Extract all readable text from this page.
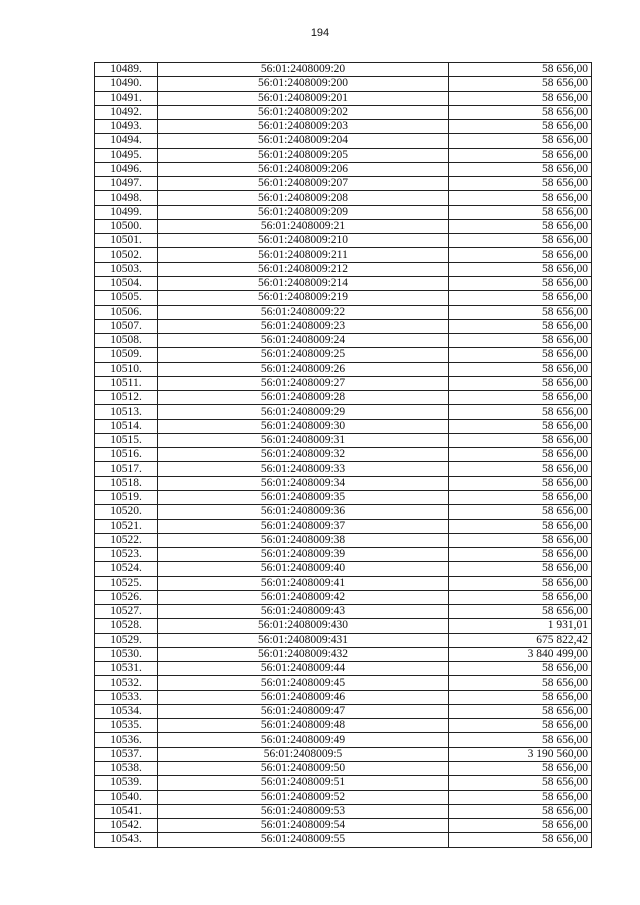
194
10489.	56:01:2408009:20	58 656,00
10490.	56:01:2408009:200	58 656,00
10491.	56:01:2408009:201	58 656,00
10492.	56:01:2408009:202	58 656,00
10493.	56:01:2408009:203	58 656,00
10494.	56:01:2408009:204	58 656,00
10495.	56:01:2408009:205	58 656,00
10496.	56:01:2408009:206	58 656,00
10497.	56:01:2408009:207	58 656,00
10498.	56:01:2408009:208	58 656,00
10499.	56:01:2408009:209	58 656,00
10500.	56:01:2408009:21	58 656,00
10501.	56:01:2408009:210	58 656,00
10502.	56:01:2408009:211	58 656,00
10503.	56:01:2408009:212	58 656,00
10504.	56:01:2408009:214	58 656,00
10505.	56:01:2408009:219	58 656,00
10506.	56:01:2408009:22	58 656,00
10507.	56:01:2408009:23	58 656,00
10508.	56:01:2408009:24	58 656,00
10509.	56:01:2408009:25	58 656,00
10510.	56:01:2408009:26	58 656,00
10511.	56:01:2408009:27	58 656,00
10512.	56:01:2408009:28	58 656,00
10513.	56:01:2408009:29	58 656,00
10514.	56:01:2408009:30	58 656,00
10515.	56:01:2408009:31	58 656,00
10516.	56:01:2408009:32	58 656,00
10517.	56:01:2408009:33	58 656,00
10518.	56:01:2408009:34	58 656,00
10519.	56:01:2408009:35	58 656,00
10520.	56:01:2408009:36	58 656,00
10521.	56:01:2408009:37	58 656,00
10522.	56:01:2408009:38	58 656,00
10523.	56:01:2408009:39	58 656,00
10524.	56:01:2408009:40	58 656,00
10525.	56:01:2408009:41	58 656,00
10526.	56:01:2408009:42	58 656,00
10527.	56:01:2408009:43	58 656,00
10528.	56:01:2408009:430	1 931,01
10529.	56:01:2408009:431	675 822,42
10530.	56:01:2408009:432	3 840 499,00
10531.	56:01:2408009:44	58 656,00
10532.	56:01:2408009:45	58 656,00
10533.	56:01:2408009:46	58 656,00
10534.	56:01:2408009:47	58 656,00
10535.	56:01:2408009:48	58 656,00
10536.	56:01:2408009:49	58 656,00
10537.	56:01:2408009:5	3 190 560,00
10538.	56:01:2408009:50	58 656,00
10539.	56:01:2408009:51	58 656,00
10540.	56:01:2408009:52	58 656,00
10541.	56:01:2408009:53	58 656,00
10542.	56:01:2408009:54	58 656,00
10543.	56:01:2408009:55	58 656,00
